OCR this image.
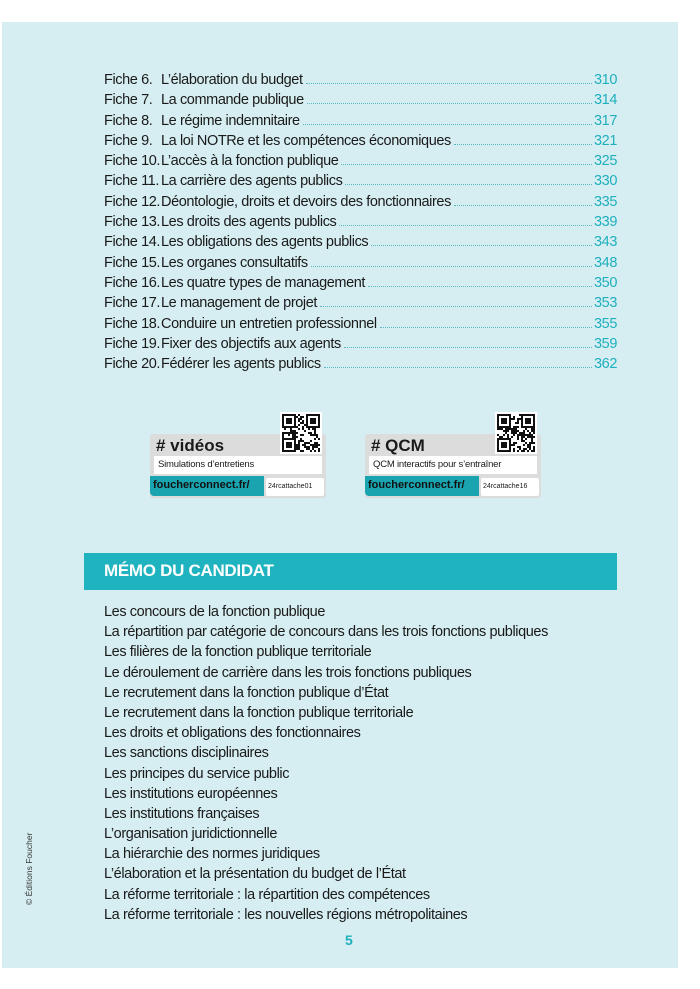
Fiche 6. L’élaboration du budget	310
Fiche 7. La commande publique	314
Fiche 8. Le régime indemnitaire	317
Fiche 9. La loi NOTRe et les compétences économiques	321
Fiche 10. L’accès à la fonction publique	325
Fiche 11. La carrière des agents publics	330
Fiche 12. Déontologie, droits et devoirs des fonctionnaires	335
Fiche 13. Les droits des agents publics	339
Fiche 14. Les obligations des agents publics	343
Fiche 15. Les organes consultatifs	348
Fiche 16. Les quatre types de management	350
Fiche 17. Le management de projet	353
Fiche 18. Conduire un entretien professionnel	355
Fiche 19. Fixer des objectifs aux agents	359
Fiche 20. Fédérer les agents publics	362
# vidéos
Simulations d’entretiens
foucherconnect.fr/	24rcattache01
# QCM
QCM interactifs pour s’entraîner
foucherconnect.fr/	24rcattache16
MÉMO DU CANDIDAT
Les concours de la fonction publique
La répartition par catégorie de concours dans les trois fonctions publiques
Les filières de la fonction publique territoriale
Le déroulement de carrière dans les trois fonctions publiques
Le recrutement dans la fonction publique d’État
Le recrutement dans la fonction publique territoriale
Les droits et obligations des fonctionnaires
Les sanctions disciplinaires
Les principes du service public
Les institutions européennes
Les institutions françaises
L’organisation juridictionnelle
La hiérarchie des normes juridiques
L’élaboration et la présentation du budget de l’État
La réforme territoriale : la répartition des compétences
La réforme territoriale : les nouvelles régions métropolitaines
5
© Éditions Foucher
